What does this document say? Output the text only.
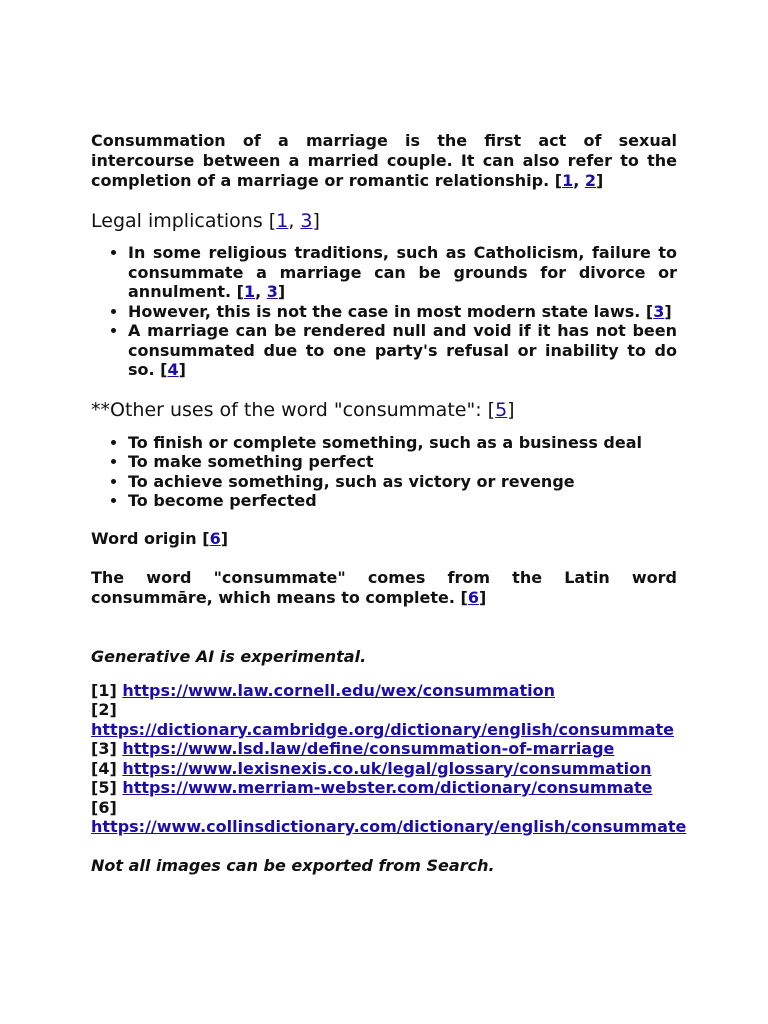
Consummation of a marriage is the first act of sexual intercourse between a married couple. It can also refer to the completion of a marriage or romantic relationship. [1, 2]

Legal implications [1, 3]
• In some religious traditions, such as Catholicism, failure to consummate a marriage can be grounds for divorce or annulment. [1, 3]
• However, this is not the case in most modern state laws. [3]
• A marriage can be rendered null and void if it has not been consummated due to one party's refusal or inability to do so. [4]
**Other uses of the word "consummate": [5]
• To finish or complete something, such as a business deal
• To make something perfect
• To achieve something, such as victory or revenge
• To become perfected

Word origin [6]

The word "consummate" comes from the Latin word consummāre, which means to complete. [6]

Generative AI is experimental.

[1] https://www.law.cornell.edu/wex/consummation
[2] https://dictionary.cambridge.org/dictionary/english/consummate
[3] https://www.lsd.law/define/consummation-of-marriage
[4] https://www.lexisnexis.co.uk/legal/glossary/consummation
[5] https://www.merriam-webster.com/dictionary/consummate
[6] https://www.collinsdictionary.com/dictionary/english/consummate

Not all images can be exported from Search.
